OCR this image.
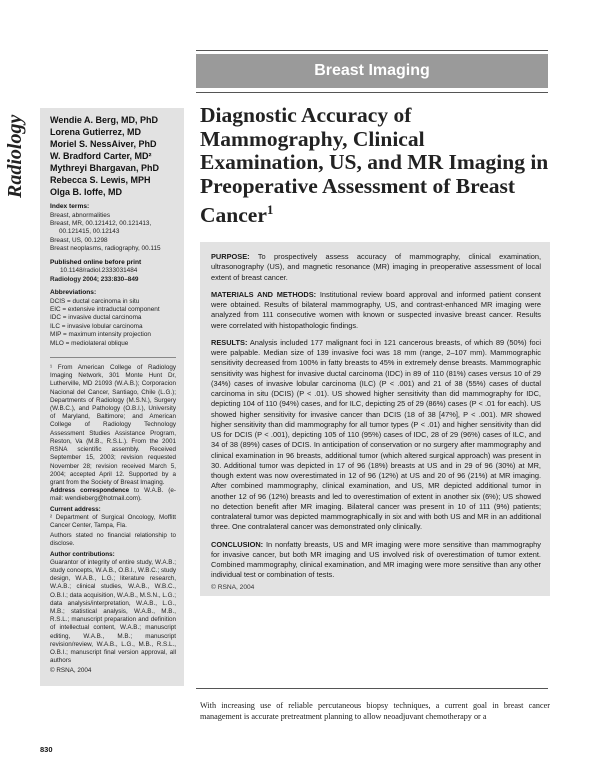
Breast Imaging
Radiology	Wendie A. Berg, MD, PhD
Lorena Gutierrez, MD
Moriel S. NessAiver, PhD
W. Bradford Carter, MD²
Mythreyi Bhargavan, PhD
Rebecca S. Lewis, MPH
Olga B. Ioffe, MD
Index terms:
Breast, abnormalities
Breast, MR, 00.121412, 00.121413, 00.121415, 00.12143
Breast, US, 00.1298
Breast neoplasms, radiography, 00.115
Published online before print
10.1148/radiol.2333031484
Radiology 2004; 233:830–849
Abbreviations:
DCIS = ductal carcinoma in situ
EIC = extensive intraductal component
IDC = invasive ductal carcinoma
ILC = invasive lobular carcinoma
MIP = maximum intensity projection
MLO = mediolateral oblique
¹ From American College of Radiology Imaging Network, 301 Monte Hunt Dr, Lutherville, MD 21093 (W.A.B.); Corporacion Nacional del Cancer, Santiago, Chile (L.G.); Departments of Radiology (M.S.N.), Surgery (W.B.C.), and Pathology (O.B.I.), University of Maryland, Baltimore; and American College of Radiology Technology Assessment Studies Assistance Program, Reston, Va (M.B., R.S.L.). From the 2001 RSNA scientific assembly. Received September 15, 2003; revision requested November 28; revision received March 5, 2004; accepted April 12. Supported by a grant from the Society of Breast Imaging.
Address correspondence to W.A.B. (e-mail: wendieberg@hotmail.com).
Current address:
² Department of Surgical Oncology, Moffitt Cancer Center, Tampa, Fla.
Authors stated no financial relationship to disclose.
Author contributions:
Guarantor of integrity of entire study, W.A.B.; study concepts, W.A.B., O.B.I., W.B.C.; study design, W.A.B., L.G.; literature research, W.A.B.; clinical studies, W.A.B., W.B.C., O.B.I.; data acquisition, W.A.B., M.S.N., L.G.; data analysis/interpretation, W.A.B., L.G., M.B.; statistical analysis, W.A.B., M.B., R.S.L.; manuscript preparation and definition of intellectual content, W.A.B.; manuscript editing, W.A.B., M.B.; manuscript revision/review, W.A.B., L.G., M.B., R.S.L., O.B.I.; manuscript final version approval, all authors
© RSNA, 2004
Diagnostic Accuracy of Mammography, Clinical Examination, US, and MR Imaging in Preoperative Assessment of Breast Cancer$^1$

PURPOSE: To prospectively assess accuracy of mammography, clinical examination, ultrasonography (US), and magnetic resonance (MR) imaging in preoperative assessment of local extent of breast cancer.

MATERIALS AND METHODS: Institutional review board approval and informed patient consent were obtained. Results of bilateral mammography, US, and contrast-enhanced MR imaging were analyzed from 111 consecutive women with known or suspected invasive breast cancer. Results were correlated with histopathologic findings.

RESULTS: Analysis included 177 malignant foci in 121 cancerous breasts, of which 89 (50%) foci were palpable. Median size of 139 invasive foci was 18 mm (range, 2–107 mm). Mammographic sensitivity decreased from 100% in fatty breasts to 45% in extremely dense breasts. Mammographic sensitivity was highest for invasive ductal carcinoma (IDC) in 89 of 110 (81%) cases versus 10 of 29 (34%) cases of invasive lobular carcinoma (ILC) (P < .001) and 21 of 38 (55%) cases of ductal carcinoma in situ (DCIS) (P < .01). US showed higher sensitivity than did mammography for IDC, depicting 104 of 110 (94%) cases, and for ILC, depicting 25 of 29 (86%) cases (P < .01 for each). US showed higher sensitivity for invasive cancer than DCIS (18 of 38 [47%], P < .001). MR showed higher sensitivity than did mammography for all tumor types (P < .01) and higher sensitivity than did US for DCIS (P < .001), depicting 105 of 110 (95%) cases of IDC, 28 of 29 (96%) cases of ILC, and 34 of 38 (89%) cases of DCIS. In anticipation of conservation or no surgery after mammography and clinical examination in 96 breasts, additional tumor (which altered surgical approach) was present in 30. Additional tumor was depicted in 17 of 96 (18%) breasts at US and in 29 of 96 (30%) at MR, though extent was now overestimated in 12 of 96 (12%) at US and 20 of 96 (21%) at MR imaging. After combined mammography, clinical examination, and US, MR depicted additional tumor in another 12 of 96 (12%) breasts and led to overestimation of extent in another six (6%); US showed no detection benefit after MR imaging. Bilateral cancer was present in 10 of 111 (9%) patients; contralateral tumor was depicted mammographically in six and with both US and MR in an additional three. One contralateral cancer was demonstrated only clinically.

CONCLUSION: In nonfatty breasts, US and MR imaging were more sensitive than mammography for invasive cancer, but both MR imaging and US involved risk of overestimation of tumor extent. Combined mammography, clinical examination, and MR imaging were more sensitive than any other individual test or combination of tests.

© RSNA, 2004

With increasing use of reliable percutaneous biopsy techniques, a current goal in breast cancer management is accurate pretreatment planning to allow neoadjuvant chemotherapy or a

830
